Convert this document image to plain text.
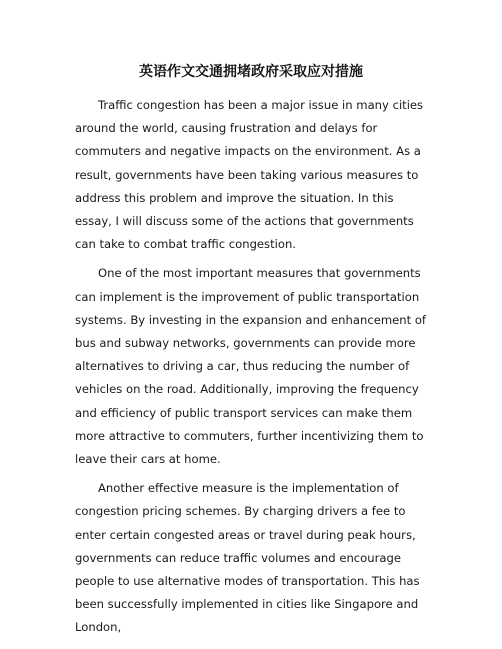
英语作文交通拥堵政府采取应对措施

Traffic congestion has been a major issue in many cities around the world, causing frustration and delays for commuters and negative impacts on the environment. As a result, governments have been taking various measures to address this problem and improve the situation. In this essay, I will discuss some of the actions that governments can take to combat traffic congestion.

One of the most important measures that governments can implement is the improvement of public transportation systems. By investing in the expansion and enhancement of bus and subway networks, governments can provide more alternatives to driving a car, thus reducing the number of vehicles on the road. Additionally, improving the frequency and efficiency of public transport services can make them more attractive to commuters, further incentivizing them to leave their cars at home.

Another effective measure is the implementation of congestion pricing schemes. By charging drivers a fee to enter certain congested areas or travel during peak hours, governments can reduce traffic volumes and encourage people to use alternative modes of transportation. This has been successfully implemented in cities like Singapore and London,
